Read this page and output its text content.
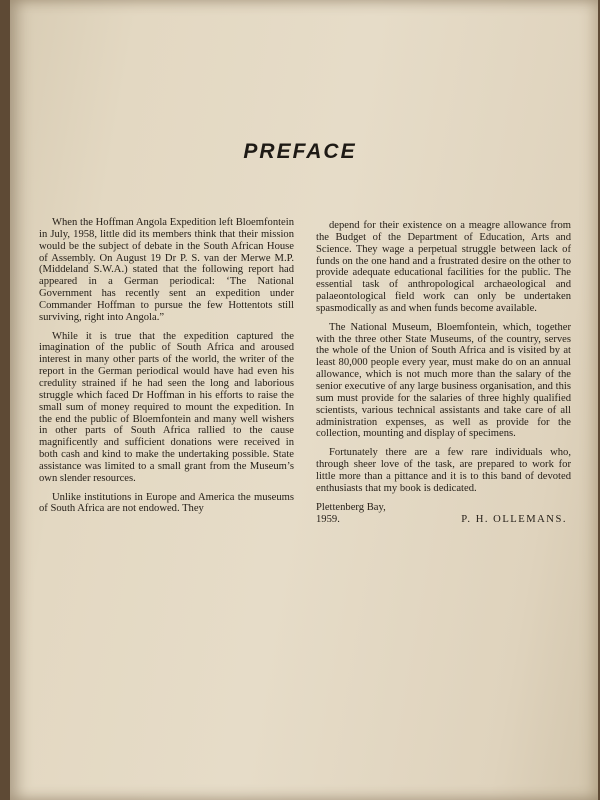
PREFACE

When the Hoffman Angola Expedition left Bloemfontein in July, 1958, little did its members think that their mission would be the subject of debate in the South African House of Assembly. On August 19 Dr P. S. van der Merwe M.P. (Middeland S.W.A.) stated that the following report had appeared in a German periodical: ‘The National Government has recently sent an expedition under Commander Hoffman to pursue the few Hottentots still surviving, right into Angola.”

While it is true that the expedition captured the imagination of the public of South Africa and aroused interest in many other parts of the world, the writer of the report in the German periodical would have had even his credulity strained if he had seen the long and laborious struggle which faced Dr Hoffman in his efforts to raise the small sum of money required to mount the expedition. In the end the public of Bloemfontein and many well wishers in other parts of South Africa rallied to the cause magnificently and sufficient donations were received in both cash and kind to make the undertaking possible. State assistance was limited to a small grant from the Museum’s own slender resources.

Unlike institutions in Europe and America the museums of South Africa are not endowed. They

depend for their existence on a meagre allowance from the Budget of the Department of Education, Arts and Science. They wage a perpetual struggle between lack of funds on the one hand and a frustrated desire on the other to provide adequate educational facilities for the public. The essential task of anthropological archaeological and palaeontological field work can only be undertaken spasmodically as and when funds become available.

The National Museum, Bloemfontein, which, together with the three other State Museums, of the country, serves the whole of the Union of South Africa and is visited by at least 80,000 people every year, must make do on an annual allowance, which is not much more than the salary of the senior executive of any large business organisation, and this sum must provide for the salaries of three highly qualified scientists, various technical assistants and take care of all administration expenses, as well as provide for the collection, mounting and display of specimens.

Fortunately there are a few rare individuals who, through sheer love of the task, are prepared to work for little more than a pittance and it is to this band of devoted enthusiasts that my book is dedicated.

Plettenberg Bay,
1959.	P. H. OLLEMANS.
